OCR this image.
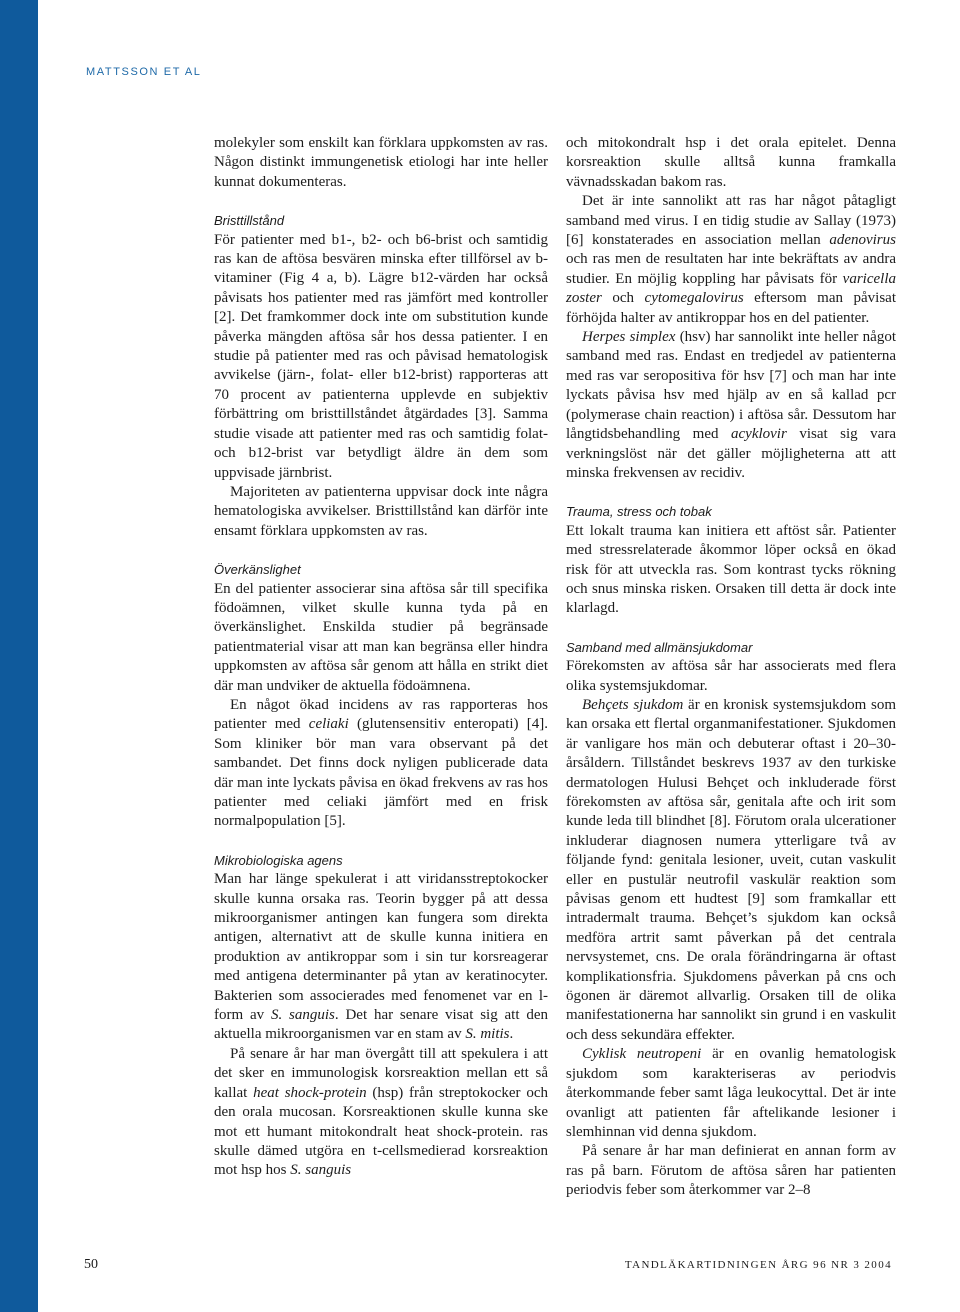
MATTSSON ET AL

molekyler som enskilt kan förklara uppkomsten av ras. Någon distinkt immungenetisk etiologi har inte heller kunnat dokumenteras.

Bristtillstånd

För patienter med b1-, b2- och b6-brist och samtidig ras kan de aftösa besvären minska efter tillförsel av b-vitaminer (Fig 4 a, b). Lägre b12-värden har också påvisats hos patienter med ras jämfört med kontroller [2]. Det framkommer dock inte om substitution kunde påverka mängden aftösa sår hos dessa patienter. I en studie på patienter med ras och påvisad hematologisk avvikelse (järn-, folat- eller b12-brist) rapporteras att 70 procent av patienterna upplevde en subjektiv förbättring om bristtillståndet åtgärdades [3]. Samma studie visade att patienter med ras och samtidig folat- och b12-brist var betydligt äldre än dem som uppvisade järnbrist.

Majoriteten av patienterna uppvisar dock inte några hematologiska avvikelser. Bristtillstånd kan därför inte ensamt förklara uppkomsten av ras.

Överkänslighet

En del patienter associerar sina aftösa sår till specifika födoämnen, vilket skulle kunna tyda på en överkänslighet. Enskilda studier på begränsade patientmaterial visar att man kan begränsa eller hindra uppkomsten av aftösa sår genom att hålla en strikt diet där man undviker de aktuella födoämnena.

En något ökad incidens av ras rapporteras hos patienter med celiaki (glutensensitiv enteropati) [4]. Som kliniker bör man vara observant på det sambandet. Det finns dock nyligen publicerade data där man inte lyckats påvisa en ökad frekvens av ras hos patienter med celiaki jämfört med en frisk normalpopulation [5].

Mikrobiologiska agens

Man har länge spekulerat i att viridansstreptokocker skulle kunna orsaka ras. Teorin bygger på att dessa mikroorganismer antingen kan fungera som direkta antigen, alternativt att de skulle kunna initiera en produktion av antikroppar som i sin tur korsreagerar med antigena determinanter på ytan av keratinocyter. Bakterien som associerades med fenomenet var en l-form av S. sanguis. Det har senare visat sig att den aktuella mikroorganismen var en stam av S. mitis.

På senare år har man övergått till att spekulera i att det sker en immunologisk korsreaktion mellan ett så kallat heat shock-protein (hsp) från streptokocker och den orala mucosan. Korsreaktionen skulle kunna ske mot ett humant mitokondralt heat shock-protein. ras skulle dämed utgöra en t-cellsmedierad korsreaktion mot hsp hos S. sanguis

och mitokondralt hsp i det orala epitelet. Denna korsreaktion skulle alltså kunna framkalla vävnadsskadan bakom ras.

Det är inte sannolikt att ras har något påtagligt samband med virus. I en tidig studie av Sallay (1973) [6] konstaterades en association mellan adenovirus och ras men de resultaten har inte bekräftats av andra studier. En möjlig koppling har påvisats för varicella zoster och cytomegalovirus eftersom man påvisat förhöjda halter av antikroppar hos en del patienter.

Herpes simplex (hsv) har sannolikt inte heller något samband med ras. Endast en tredjedel av patienterna med ras var seropositiva för hsv [7] och man har inte lyckats påvisa hsv med hjälp av en så kallad pcr (polymerase chain reaction) i aftösa sår. Dessutom har långtidsbehandling med acyklovir visat sig vara verkningslöst när det gäller möjligheterna att att minska frekvensen av recidiv.

Trauma, stress och tobak

Ett lokalt trauma kan initiera ett aftöst sår. Patienter med stressrelaterade åkommor löper också en ökad risk för att utveckla ras. Som kontrast tycks rökning och snus minska risken. Orsaken till detta är dock inte klarlagd.

Samband med allmänsjukdomar

Förekomsten av aftösa sår har associerats med flera olika systemsjukdomar.

Behçets sjukdom är en kronisk systemsjukdom som kan orsaka ett flertal organmanifestationer. Sjukdomen är vanligare hos män och debuterar oftast i 20–30-årsåldern. Tillståndet beskrevs 1937 av den turkiske dermatologen Hulusi Behçet och inkluderade först förekomsten av aftösa sår, genitala afte och irit som kunde leda till blindhet [8]. Förutom orala ulcerationer inkluderar diagnosen numera ytterligare två av följande fynd: genitala lesioner, uveit, cutan vaskulit eller en pustulär neutrofil vaskulär reaktion som påvisas genom ett hudtest [9] som framkallar ett intradermalt trauma. Behçet’s sjukdom kan också medföra artrit samt påverkan på det centrala nervsystemet, cns. De orala förändringarna är oftast komplikationsfria. Sjukdomens påverkan på cns och ögonen är däremot allvarlig. Orsaken till de olika manifestationerna har sannolikt sin grund i en vaskulit och dess sekundära effekter.

Cyklisk neutropeni är en ovanlig hematologisk sjukdom som karakteriseras av periodvis återkommande feber samt låga leukocyttal. Det är inte ovanligt att patienten får aftelikande lesioner i slemhinnan vid denna sjukdom.

På senare år har man definierat en annan form av ras på barn. Förutom de aftösa såren har patienten periodvis feber som återkommer var 2–8

50	TANDLÄKARTIDNINGEN ÅRG 96 NR 3 2004
